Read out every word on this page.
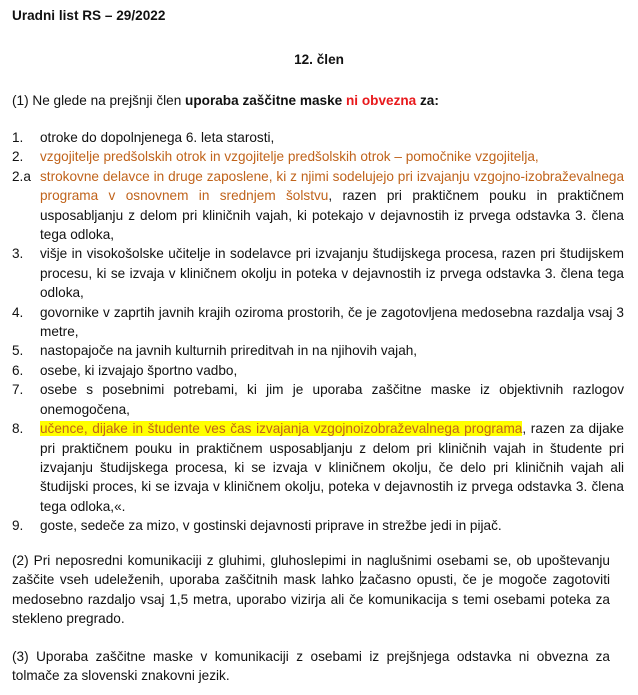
Uradni list RS – 29/2022
12. člen
(1) Ne glede na prejšnji člen uporaba zaščitne maske ni obvezna za:
1.	otroke do dopolnjenega 6. leta starosti,
2.	vzgojitelje predšolskih otrok in vzgojitelje predšolskih otrok – pomočnike vzgojitelja,
2.a strokovne delavce in druge zaposlene, ki z njimi sodelujejo pri izvajanju vzgojno-izobraževalnega programa v osnovnem in srednjem šolstvu, razen pri praktičnem pouku in praktičnem usposabljanju z delom pri kliničnih vajah, ki potekajo v dejavnostih iz prvega odstavka 3. člena tega odloka,
3.	višje in visokošolske učitelje in sodelavce pri izvajanju študijskega procesa, razen pri študijskem procesu, ki se izvaja v kliničnem okolju in poteka v dejavnostih iz prvega odstavka 3. člena tega odloka,
4.	govornike v zaprtih javnih krajih oziroma prostorih, če je zagotovljena medosebna razdalja vsaj 3 metre,
5.	nastopajoče na javnih kulturnih prireditvah in na njihovih vajah,
6.	osebe, ki izvajajo športno vadbo,
7.	osebe s posebnimi potrebami, ki jim je uporaba zaščitne maske iz objektivnih razlogov onemogočena,
8.	učence, dijake in študente ves čas izvajanja vzgojnoizobraževalnega programa, razen za dijake pri praktičnem pouku in praktičnem usposabljanju z delom pri kliničnih vajah in študente pri izvajanju študijskega procesa, ki se izvaja v kliničnem okolju, če delo pri kliničnih vajah ali študijski proces, ki se izvaja v kliničnem okolju, poteka v dejavnostih iz prvega odstavka 3. člena tega odloka,«.
9.	goste, sedeče za mizo, v gostinski dejavnosti priprave in strežbe jedi in pijač.
(2) Pri neposredni komunikaciji z gluhimi, gluhoslepimi in naglušnimi osebami se, ob upoštevanju zaščite vseh udeleženih, uporaba zaščitnih mask lahko začasno opusti, če je mogoče zagotoviti medosebno razdaljo vsaj 1,5 metra, uporabo vizirja ali če komunikacija s temi osebami poteka za stekleno pregrado.
(3) Uporaba zaščitne maske v komunikaciji z osebami iz prejšnjega odstavka ni obvezna za tolmače za slovenski znakovni jezik.
